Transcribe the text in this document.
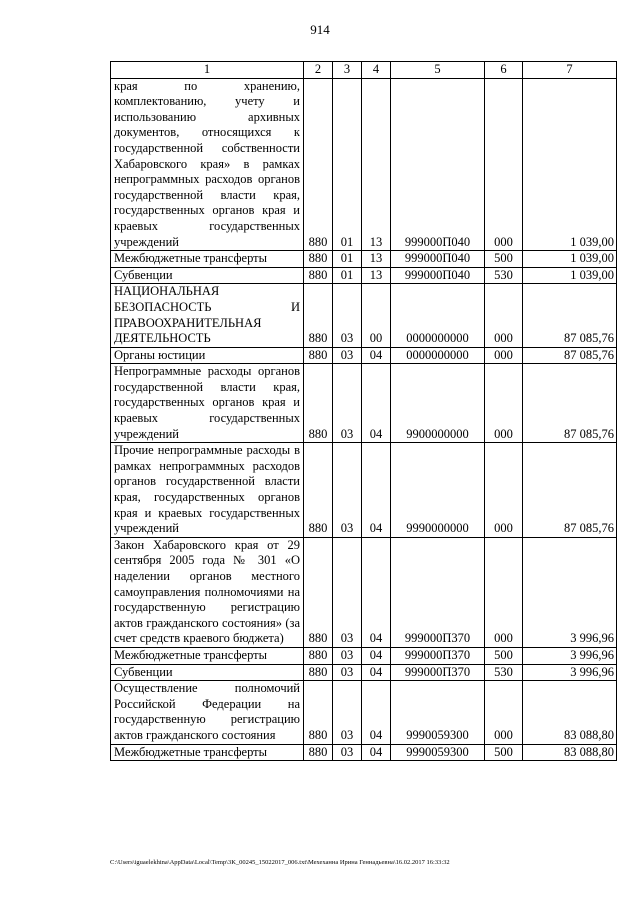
914
1	2	3	4	5	6	7
края по хранению, комплектованию, учету и использованию архивных документов, относящихся к государственной собственности Хабаровского края» в рамках непрограммных расходов органов государственной власти края, государственных органов края и краевых государственных учреждений	880	01	13	999000П040	000	1 039,00
Межбюджетные трансферты	880	01	13	999000П040	500	1 039,00
Субвенции	880	01	13	999000П040	530	1 039,00
НАЦИОНАЛЬНАЯ БЕЗОПАСНОСТЬ И ПРАВООХРАНИТЕЛЬНАЯ ДЕЯТЕЛЬНОСТЬ	880	03	00	0000000000	000	87 085,76
Органы юстиции	880	03	04	0000000000	000	87 085,76
Непрограммные расходы органов государственной власти края, государственных органов края и краевых государственных учреждений	880	03	04	9900000000	000	87 085,76
Прочие непрограммные расходы в рамках непрограммных расходов органов государственной власти края, государственных органов края и краевых государственных учреждений	880	03	04	9990000000	000	87 085,76
Закон Хабаровского края от 29 сентября 2005 года № 301 «О наделении органов местного самоуправления полномочиями на государственную регистрацию актов гражданского состояния» (за счет средств краевого бюджета)	880	03	04	999000П370	000	3 996,96
Межбюджетные трансферты	880	03	04	999000П370	500	3 996,96
Субвенции	880	03	04	999000П370	530	3 996,96
Осуществление полномочий Российской Федерации на государственную регистрацию актов гражданского состояния	880	03	04	9990059300	000	83 088,80
Межбюджетные трансферты	880	03	04	9990059300	500	83 088,80
C:\Users\iguaelekhina\AppData\Local\Temp\3K_00245_15022017_006.txt\Мехеханна Ирина Геннадьевна\16.02.2017 16:33:32
